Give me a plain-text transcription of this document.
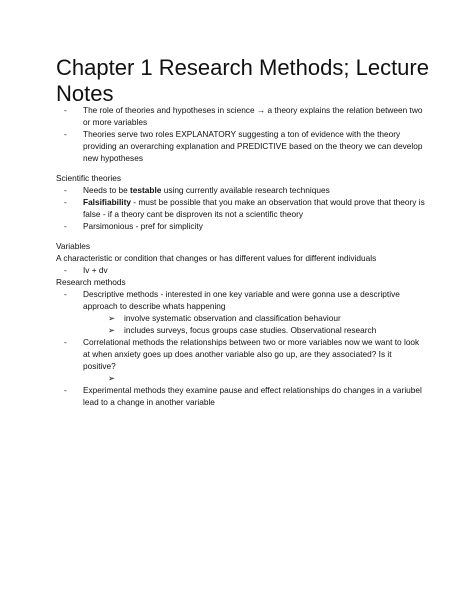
Chapter 1 Research Methods; Lecture Notes
-	The role of theories and hypotheses in science → a theory explains the relation between two or more variables
-	Theories serve two roles EXPLANATORY suggesting a ton of evidence with the theory providing an overarching explanation and PREDICTIVE based on the theory we can develop new hypotheses
Scientific theories
-	Needs to be testable using currently available research techniques
-	Falsifiability - must be possible that you make an observation that would prove that theory is false - if a theory cant be disproven its not a scientific theory
-	Parsimonious - pref for simplicity
Variables
A characteristic or condition that changes or has different values for different individuals
-	Iv + dv
Research methods
-	Descriptive methods - interested in one key variable and were gonna use a descriptive approach to describe whats happening
➢ involve systematic observation and classification behaviour
➢ includes surveys, focus groups case studies. Observational research
-	Correlational methods the relationships between two or more variables now we want to look at when anxiety goes up does another variable also go up, are they associated? Is it positive?
➢
-	Experimental methods they examine pause and effect relationships do changes in a variubel lead to a change in another variable
